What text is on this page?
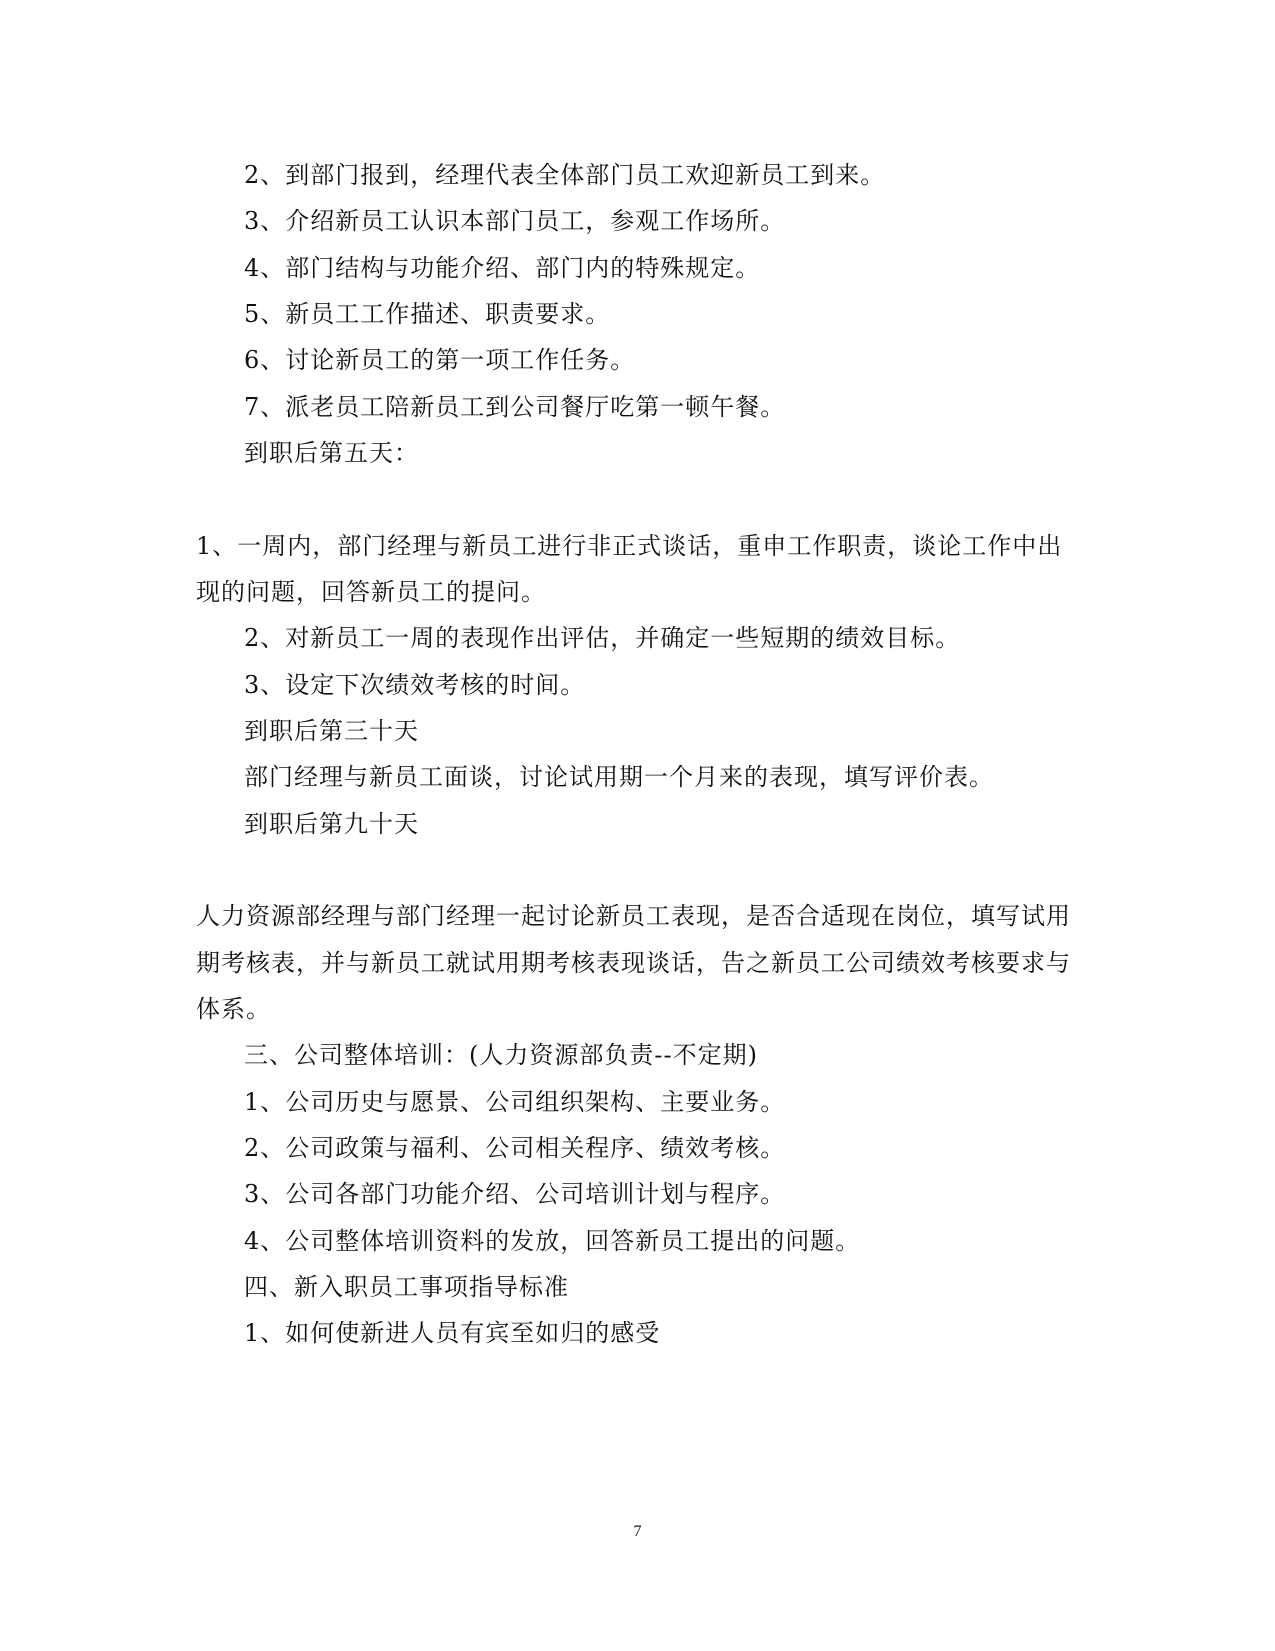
2、到部门报到，经理代表全体部门员工欢迎新员工到来。
3、介绍新员工认识本部门员工，参观工作场所。
4、部门结构与功能介绍、部门内的特殊规定。
5、新员工工作描述、职责要求。
6、讨论新员工的第一项工作任务。
7、派老员工陪新员工到公司餐厅吃第一顿午餐。
到职后第五天：
1、一周内，部门经理与新员工进行非正式谈话，重申工作职责，谈论工作中出
现的问题，回答新员工的提问。
2、对新员工一周的表现作出评估，并确定一些短期的绩效目标。
3、设定下次绩效考核的时间。
到职后第三十天
部门经理与新员工面谈，讨论试用期一个月来的表现，填写评价表。
到职后第九十天
人力资源部经理与部门经理一起讨论新员工表现，是否合适现在岗位，填写试用
期考核表，并与新员工就试用期考核表现谈话，告之新员工公司绩效考核要求与
体系。
三、公司整体培训：(人力资源部负责--不定期)
1、公司历史与愿景、公司组织架构、主要业务。
2、公司政策与福利、公司相关程序、绩效考核。
3、公司各部门功能介绍、公司培训计划与程序。
4、公司整体培训资料的发放，回答新员工提出的问题。
四、新入职员工事项指导标准
1、如何使新进人员有宾至如归的感受
7
